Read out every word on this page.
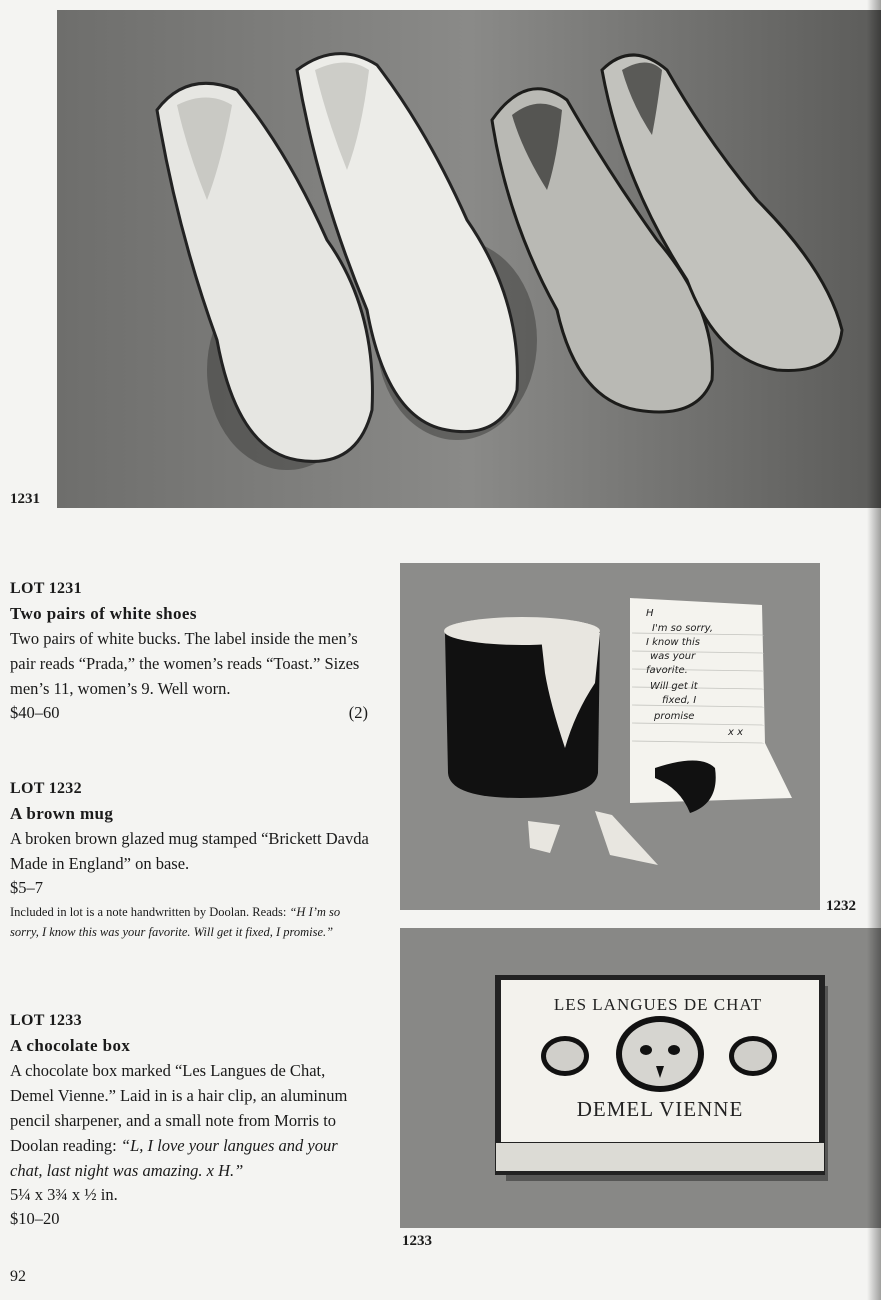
1231
LOT 1231
Two pairs of white shoes
Two pairs of white bucks. The label inside the men’s pair reads “Prada,” the women’s reads “Toast.” Sizes men’s 11, women’s 9. Well worn.
$40–60	(2)
H
I'm so sorry,
I know this
was your
favorite.
Will get it
fixed, I
promise
x x
1232
LOT 1232
A brown mug
A broken brown glazed mug stamped “Brickett Davda Made in England” on base.
$5–7
Included in lot is a note handwritten by Doolan. Reads: “H I’m so sorry, I know this was your favorite. Will get it fixed, I promise.”
LES LANGUES DE CHAT
DEMEL VIENNE
1233
LOT 1233
A chocolate box
A chocolate box marked “Les Langues de Chat, Demel Vienne.” Laid in is a hair clip, an aluminum pencil sharpener, and a small note from Morris to Doolan reading: “L, I love your langues and your chat, last night was amazing. x H.”
5¼ x 3¾ x ½ in.
$10–20
92
